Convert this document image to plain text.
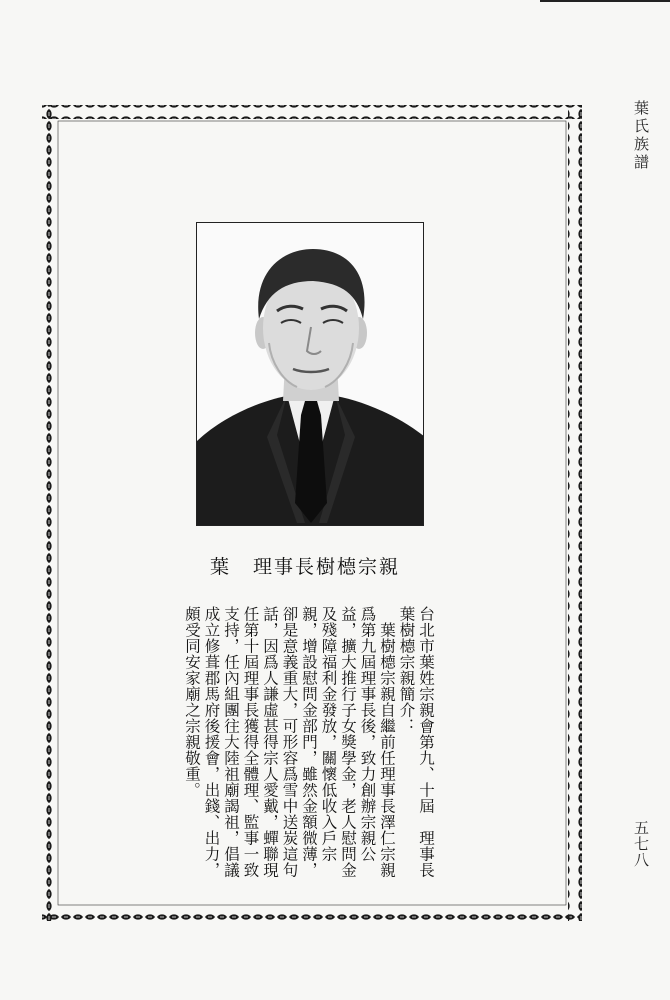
葉氏族譜
五七八
葉 理事長樹㯖宗親

台北市葉姓宗親會第九、十屆　理事長葉樹㯖宗親簡介：

葉樹㯖宗親自繼前任理事長澤仁宗親爲第九屆理事長後，致力創辦宗親公益，擴大推行子女獎學金，老人慰問金及殘障福利金發放，關懷低收入戶宗親，增設慰問金部門，雖然金額微薄，卻是意義重大，可形容爲雪中送炭這句話，因爲人謙虛甚得宗人愛戴，蟬聯現任第十屆理事長獲得全體理、監事一致支持，任內組團往大陸祖廟謁祖，倡議成立修葺郡馬府後援會，出錢、出力，頗受同安家廟之宗親敬重。
